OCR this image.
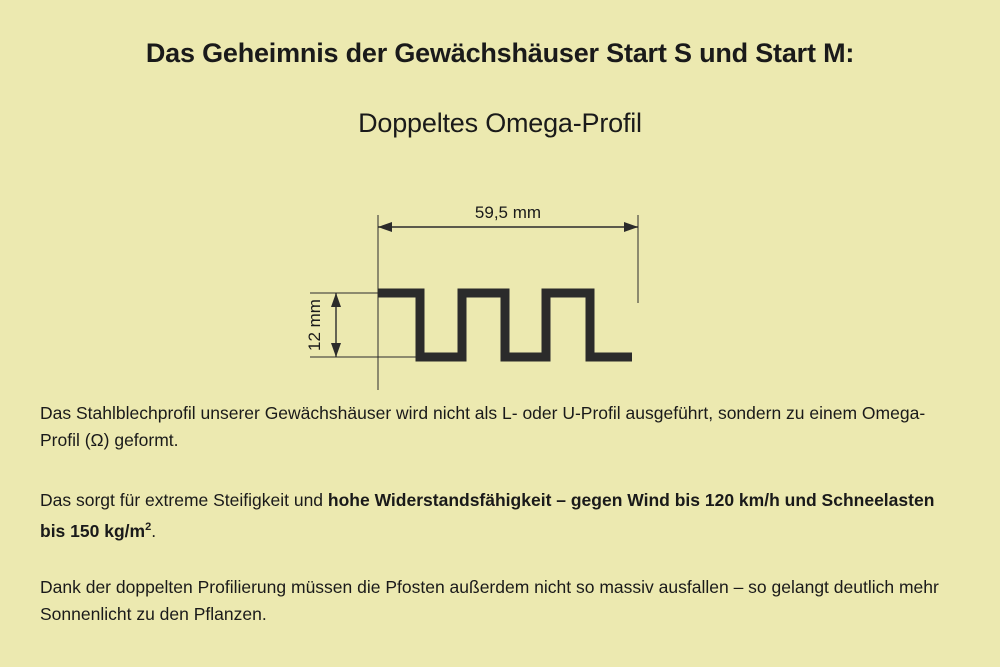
Das Geheimnis der Gewächshäuser Start S und Start M:
Doppeltes Omega-Profil
59,5 mm
12 mm
Das Stahlblechprofil unserer Gewächshäuser wird nicht als L- oder U-Profil ausgeführt, sondern zu einem Omega-Profil (Ω) geformt.
Das sorgt für extreme Steifigkeit und hohe Widerstandsfähigkeit – gegen Wind bis 120 km/h und Schneelasten bis 150 $kg/m^2$.
Dank der doppelten Profilierung müssen die Pfosten außerdem nicht so massiv ausfallen – so gelangt deutlich mehr Sonnenlicht zu den Pflanzen.
